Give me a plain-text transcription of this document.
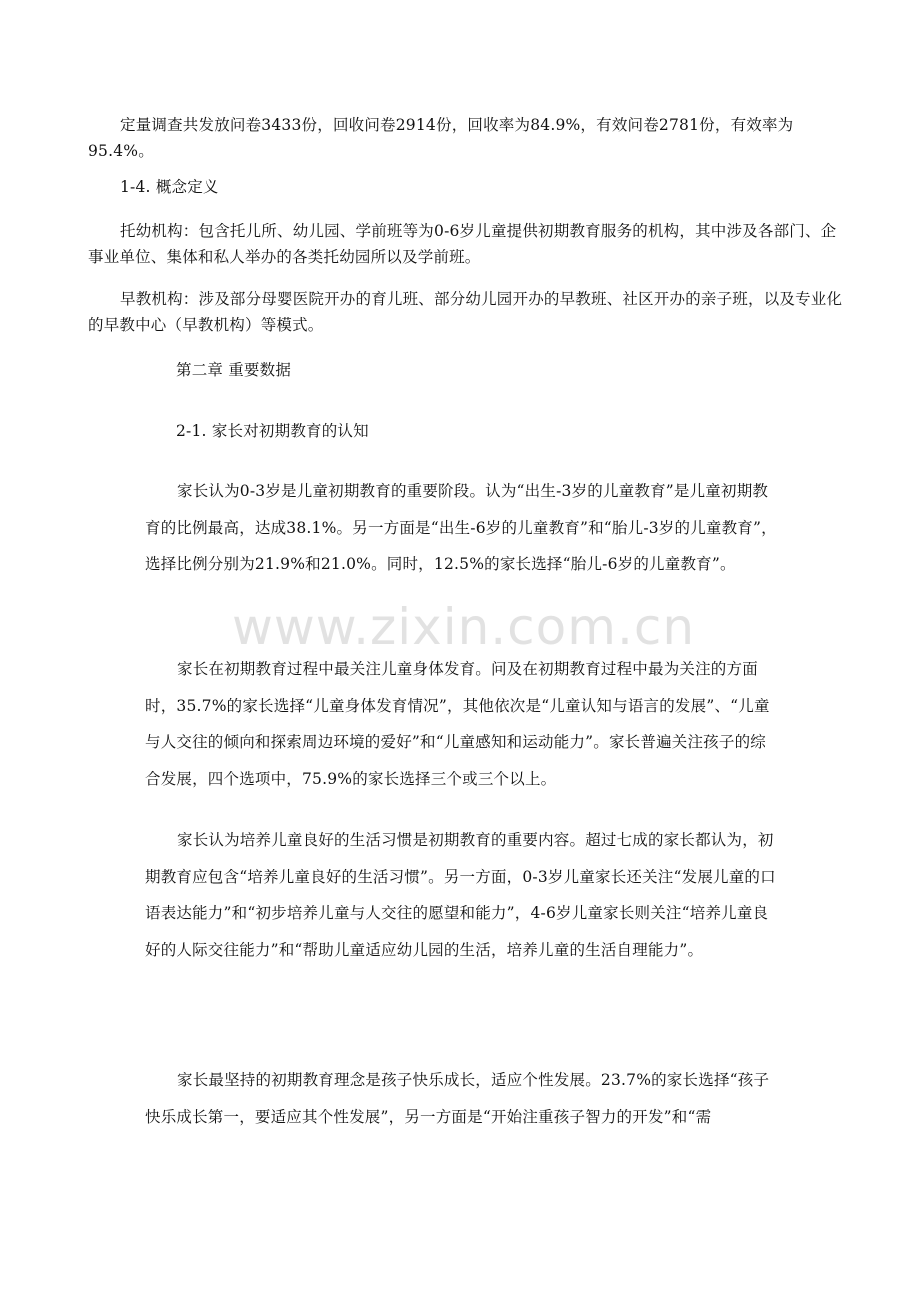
定量调查共发放问卷3433份，回收问卷2914份，回收率为84.9%，有效问卷2781份，有效率为95.4%。

1-4. 概念定义

托幼机构：包含托儿所、幼儿园、学前班等为0-6岁儿童提供初期教育服务的机构，其中涉及各部门、企事业单位、集体和私人举办的各类托幼园所以及学前班。

早教机构：涉及部分母婴医院开办的育儿班、部分幼儿园开办的早教班、社区开办的亲子班，以及专业化的早教中心（早教机构）等模式。

第二章 重要数据

2-1. 家长对初期教育的认知

家长认为0-3岁是儿童初期教育的重要阶段。认为“出生-3岁的儿童教育”是儿童初期教育的比例最高，达成38.1%。另一方面是“出生-6岁的儿童教育”和“胎儿-3岁的儿童教育”，选择比例分别为21.9%和21.0%。同时，12.5%的家长选择“胎儿-6岁的儿童教育”。

家长在初期教育过程中最关注儿童身体发育。问及在初期教育过程中最为关注的方面时，35.7%的家长选择“儿童身体发育情况”，其他依次是“儿童认知与语言的发展”、“儿童与人交往的倾向和探索周边环境的爱好”和“儿童感知和运动能力”。家长普遍关注孩子的综合发展，四个选项中，75.9%的家长选择三个或三个以上。

家长认为培养儿童良好的生活习惯是初期教育的重要内容。超过七成的家长都认为，初期教育应包含“培养儿童良好的生活习惯”。另一方面，0-3岁儿童家长还关注“发展儿童的口语表达能力”和“初步培养儿童与人交往的愿望和能力”，4-6岁儿童家长则关注“培养儿童良好的人际交往能力”和“帮助儿童适应幼儿园的生活，培养儿童的生活自理能力”。

家长最坚持的初期教育理念是孩子快乐成长，适应个性发展。23.7%的家长选择“孩子快乐成长第一，要适应其个性发展”，另一方面是“开始注重孩子智力的开发”和“需

www.zixin.com.cn
